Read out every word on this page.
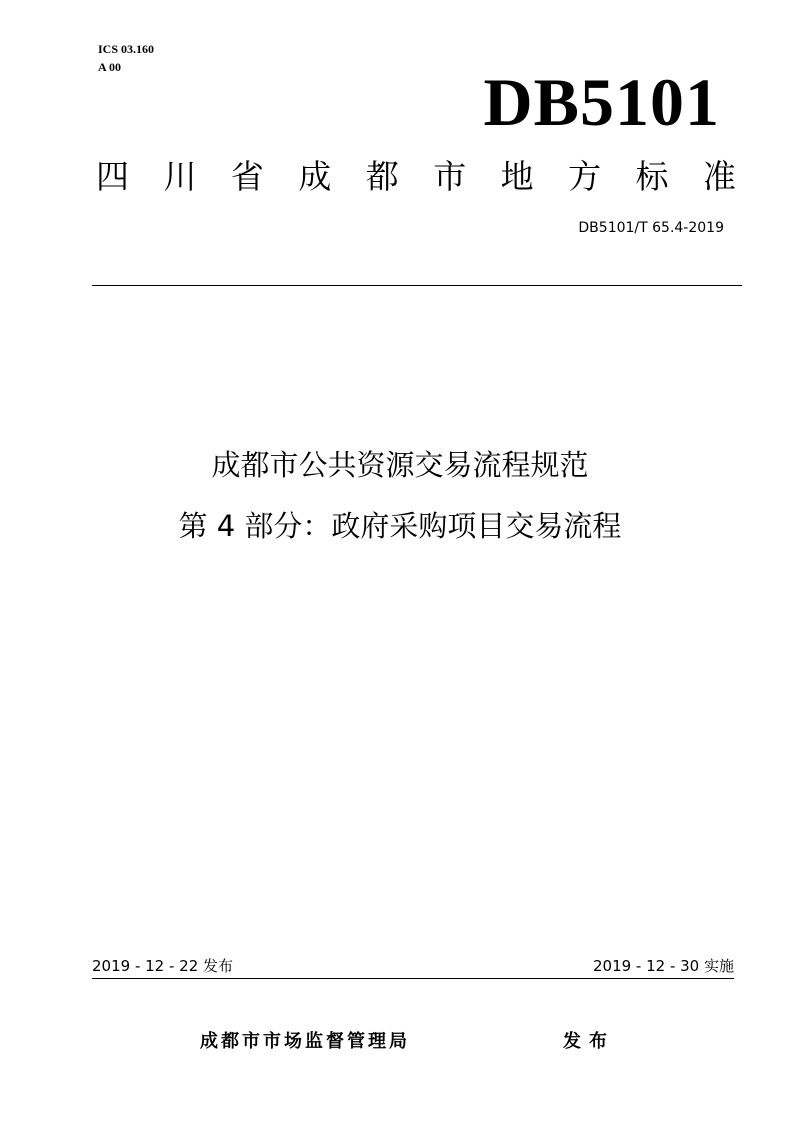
ICS 03.160
A 00	DB5101
四 川 省 成 都 市 地 方 标 准
DB5101/T 65.4-2019
成都市公共资源交易流程规范
第 4 部分：政府采购项目交易流程
2019 - 12 - 22 发布	2019 - 12 - 30 实施
成都市市场监督管理局	发布
